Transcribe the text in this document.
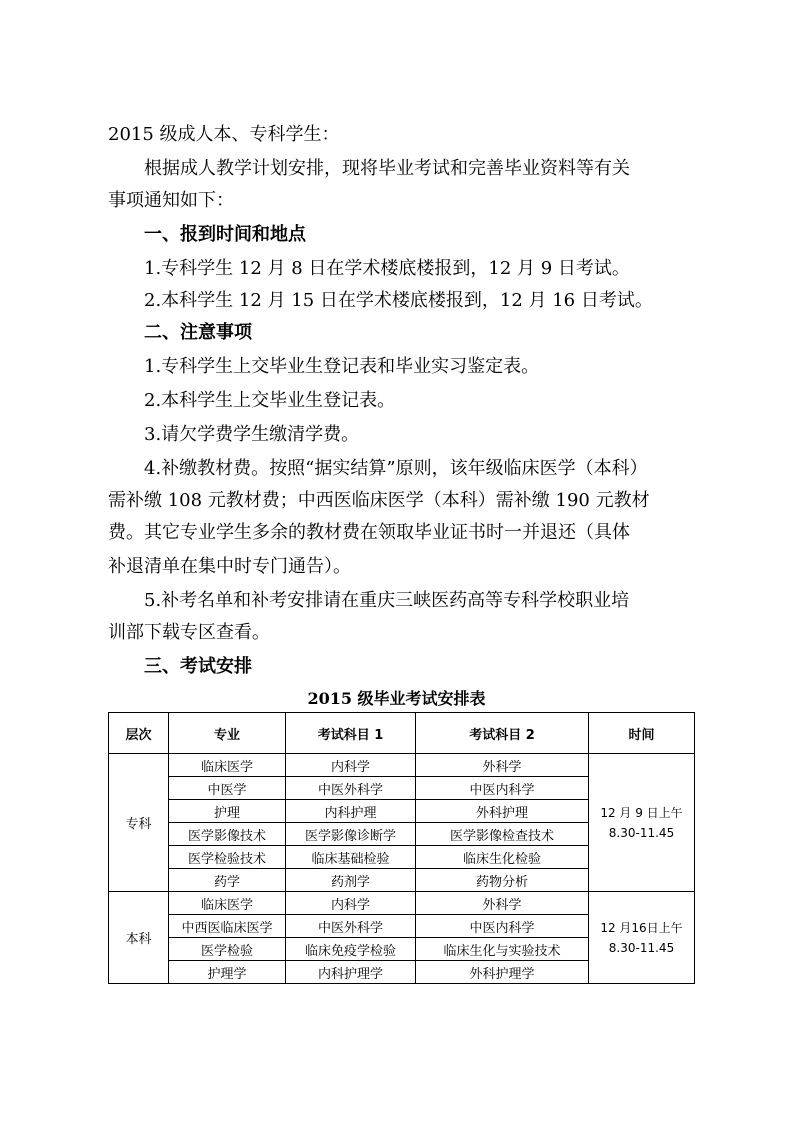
2015 级成人本、专科学生：
根据成人教学计划安排，现将毕业考试和完善毕业资料等有关
事项通知如下：
一、报到时间和地点
1.专科学生 12 月 8 日在学术楼底楼报到，12 月 9 日考试。
2.本科学生 12 月 15 日在学术楼底楼报到，12 月 16 日考试。
二、注意事项
1.专科学生上交毕业生登记表和毕业实习鉴定表。
2.本科学生上交毕业生登记表。
3.请欠学费学生缴清学费。
4.补缴教材费。按照“据实结算”原则，该年级临床医学（本科）
需补缴 108 元教材费；中西医临床医学（本科）需补缴 190 元教材
费。其它专业学生多余的教材费在领取毕业证书时一并退还（具体
补退清单在集中时专门通告）。
5.补考名单和补考安排请在重庆三峡医药高等专科学校职业培
训部下载专区查看。
三、考试安排
2015 级毕业考试安排表
层次	专业	考试科目 1	考试科目 2	时间
专科	临床医学	内科学	外科学	12 月 9 日上午
8.30-11.45

	中医学	中医外科学	中医内科学	
	护理	内科护理	外科护理	
	医学影像技术	医学影像诊断学	医学影像检查技术	
	医学检验技术	临床基础检验	临床生化检验	
	药学	药剂学	药物分析	
本科	临床医学	内科学	外科学	12 月16日上午
8.30-11.45

	中西医临床医学	中医外科学	中医内科学	
	医学检验	临床免疫学检验	临床生化与实验技术	
	护理学	内科护理学	外科护理学	
